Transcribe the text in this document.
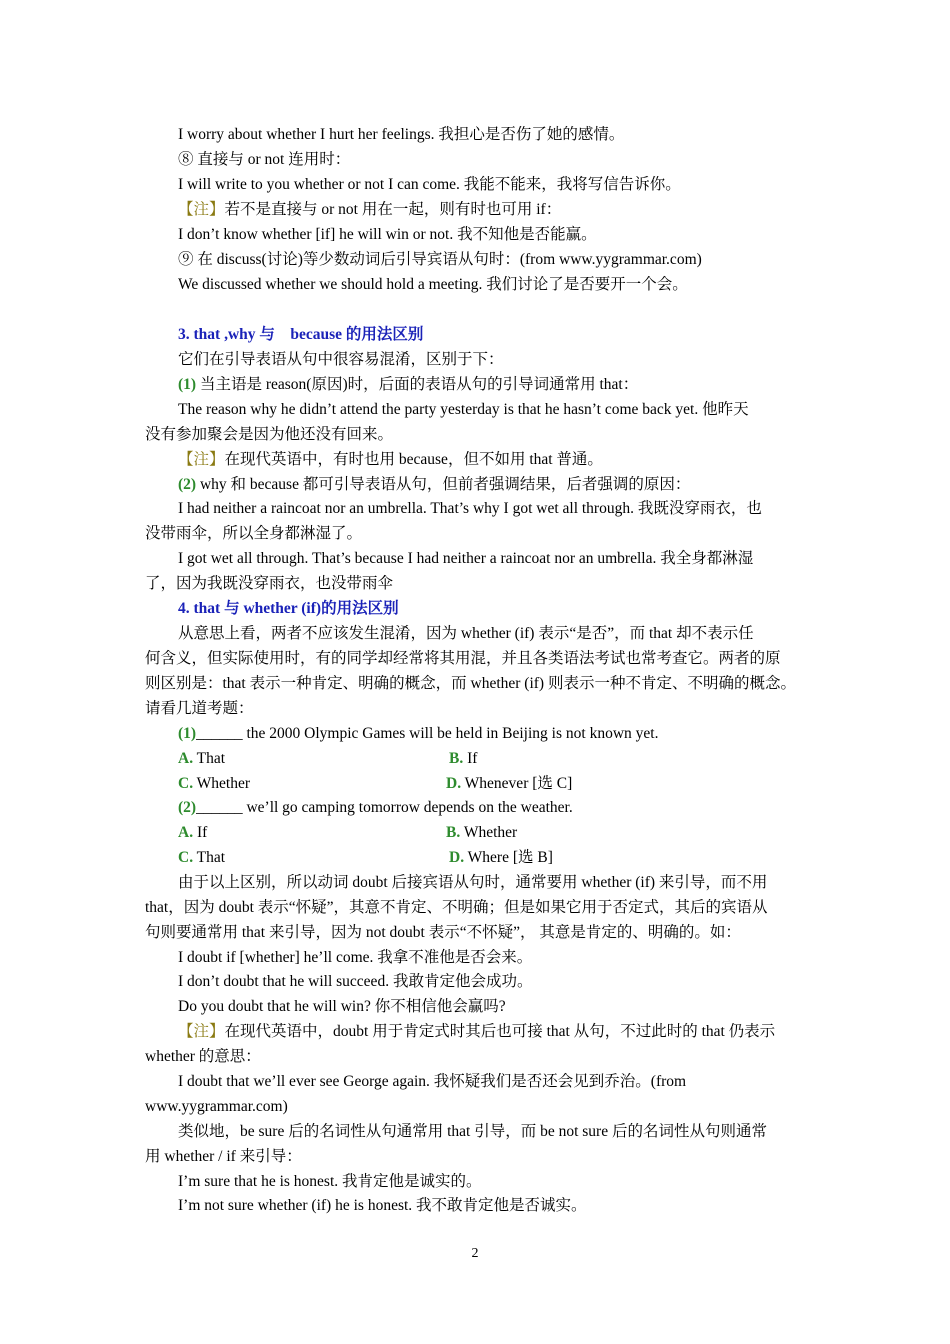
I worry about whether I hurt her feelings. 我担心是否伤了她的感情。
⑧ 直接与 or not 连用时：
I will write to you whether or not I can come. 我能不能来，我将写信告诉你。
【注】若不是直接与 or not 用在一起，则有时也可用 if：
I don’t know whether [if] he will win or not. 我不知他是否能赢。
⑨ 在 discuss(讨论)等少数动词后引导宾语从句时：(from www.yygrammar.com)
We discussed whether we should hold a meeting. 我们讨论了是否要开一个会。
3. that ,why 与　because 的用法区别
它们在引导表语从句中很容易混淆，区别于下：
(1) 当主语是 reason(原因)时，后面的表语从句的引导词通常用 that：
The reason why he didn’t attend the party yesterday is that he hasn’t come back yet. 他昨天
没有参加聚会是因为他还没有回来。
【注】在现代英语中，有时也用 because，但不如用 that 普通。
(2) why 和 because 都可引导表语从句，但前者强调结果，后者强调的原因：
I had neither a raincoat nor an umbrella. That’s why I got wet all through. 我既没穿雨衣，也
没带雨伞，所以全身都淋湿了。
I got wet all through. That’s because I had neither a raincoat nor an umbrella. 我全身都淋湿
了，因为我既没穿雨衣，也没带雨伞
4. that 与 whether (if)的用法区别
从意思上看，两者不应该发生混淆，因为 whether (if) 表示“是否”，而 that 却不表示任
何含义，但实际使用时，有的同学却经常将其用混，并且各类语法考试也常考查它。两者的原
则区别是：that 表示一种肯定、明确的概念，而 whether (if) 则表示一种不肯定、不明确的概念。
请看几道考题：
(1)______ the 2000 Olympic Games will be held in Beijing is not known yet.
A. That	B. If
C. Whether	D. Whenever [选 C]
(2)______ we’ll go camping tomorrow depends on the weather.
A. If	B. Whether
C. That	D. Where [选 B]
由于以上区别，所以动词 doubt 后接宾语从句时，通常要用 whether (if) 来引导，而不用
that，因为 doubt 表示“怀疑”，其意不肯定、不明确；但是如果它用于否定式，其后的宾语从
句则要通常用 that 来引导，因为 not doubt 表示“不怀疑”， 其意是肯定的、明确的。如：
I doubt if [whether] he’ll come. 我拿不准他是否会来。
I don’t doubt that he will succeed. 我敢肯定他会成功。
Do you doubt that he will win? 你不相信他会赢吗?
【注】在现代英语中，doubt 用于肯定式时其后也可接 that 从句，不过此时的 that 仍表示
whether 的意思：
I doubt that we’ll ever see George again. 我怀疑我们是否还会见到乔治。(from
www.yygrammar.com)
类似地，be sure 后的名词性从句通常用 that 引导，而 be not sure 后的名词性从句则通常
用 whether / if 来引导：
I’m sure that he is honest. 我肯定他是诚实的。
I’m not sure whether (if) he is honest. 我不敢肯定他是否诚实。
2
